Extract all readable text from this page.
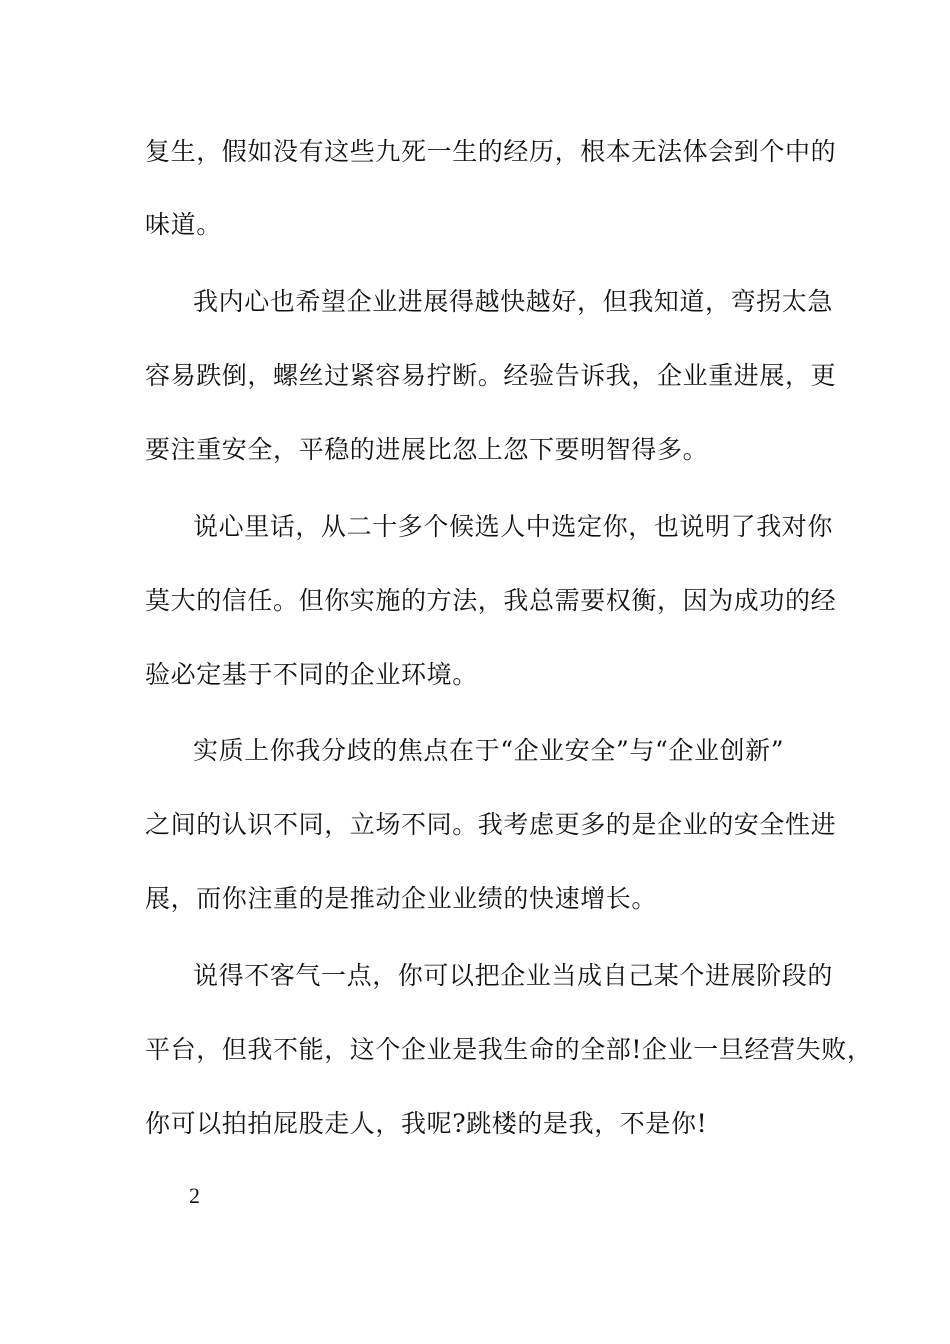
复生，假如没有这些九死一生的经历，根本无法体会到个中的

味道。

我内心也希望企业进展得越快越好，但我知道，弯拐太急

容易跌倒，螺丝过紧容易拧断。经验告诉我，企业重进展，更

要注重安全，平稳的进展比忽上忽下要明智得多。

说心里话，从二十多个候选人中选定你，也说明了我对你

莫大的信任。但你实施的方法，我总需要权衡，因为成功的经

验必定基于不同的企业环境。

实质上你我分歧的焦点在于“企业安全”与“企业创新”

之间的认识不同，立场不同。我考虑更多的是企业的安全性进

展，而你注重的是推动企业业绩的快速增长。

说得不客气一点，你可以把企业当成自己某个进展阶段的

平台，但我不能，这个企业是我生命的全部!企业一旦经营失败，

你可以拍拍屁股走人，我呢?跳楼的是我，不是你!

2
